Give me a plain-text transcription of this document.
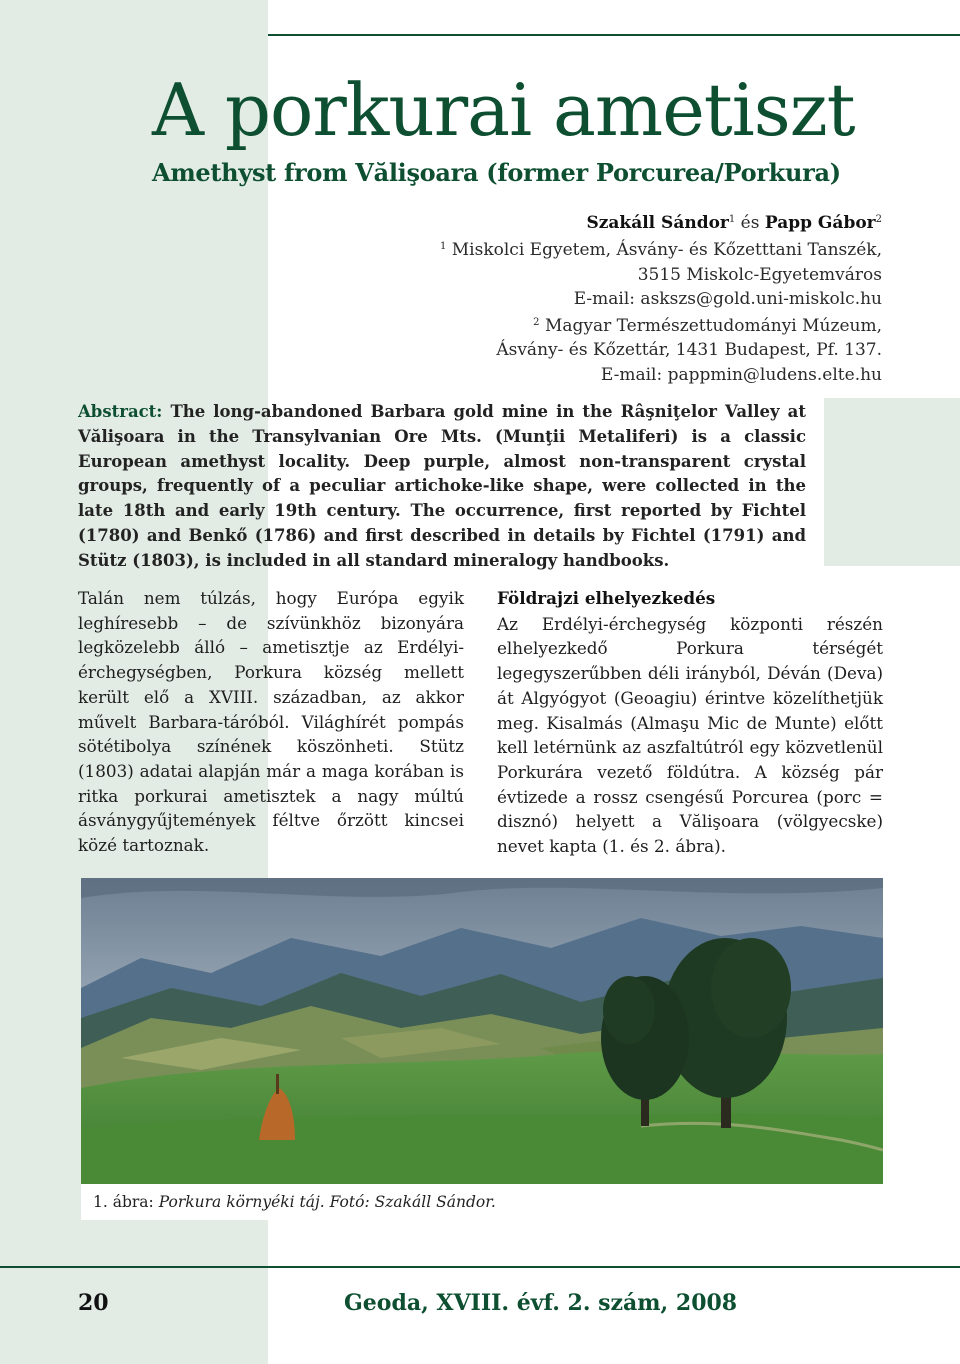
A porkurai ametiszt
Amethyst from Vălişoara (former Porcurea/Porkura)
Szakáll Sándor$^1$ és Papp Gábor$^2$
$^1$ Miskolci Egyetem, Ásvány- és Kőzetttani Tanszék,
3515 Miskolc-Egyetemváros
E-mail: askszs@gold.uni-miskolc.hu
$^2$ Magyar Természettudományi Múzeum,
Ásvány- és Kőzettár, 1431 Budapest, Pf. 137.
E-mail: pappmin@ludens.elte.hu

Abstract: The long-abandoned Barbara gold mine in the Râşniţelor Valley at Vălişoara in the Transylvanian Ore Mts. (Munţii Metaliferi) is a classic European amethyst locality. Deep purple, almost non-transparent crystal groups, frequently of a peculiar artichoke-like shape, were collected in the late 18th and early 19th century. The occurrence, first reported by Fichtel (1780) and Benkő (1786) and first described in details by Fichtel (1791) and Stütz (1803), is included in all standard mineralogy handbooks.

Talán nem túlzás, hogy Európa egyik leghíresebb – de szívünkhöz bizonyára legközelebb álló – ametisztje az Erdélyi-érchegységben, Porkura község mellett került elő a XVIII. században, az akkor művelt Barbara-táróból. Világhírét pompás sötétibolya színének köszönheti. Stütz (1803) adatai alapján már a maga korában is ritka porkurai ametisztek a nagy múltú ásványgyűjtemények féltve őrzött kincsei közé tartoznak.

Földrajzi elhelyezkedés
Az Erdélyi-érchegység központi részén elhelyezkedő Porkura térségét legegyszerűbben déli irányból, Déván (Deva) át Algyógyot (Geoagiu) érintve közelíthetjük meg. Kisalmás (Almaşu Mic de Munte) előtt kell letérnünk az aszfaltútról egy közvetlenül Porkurára vezető földútra. A község pár évtizede a rossz csengésű Porcurea (porc = disznó) helyett a Vălişoara (völgyecske) nevet kapta (1. és 2. ábra).
1. ábra: Porkura környéki táj. Fotó: Szakáll Sándor.
20	Geoda, XVIII. évf. 2. szám, 2008
